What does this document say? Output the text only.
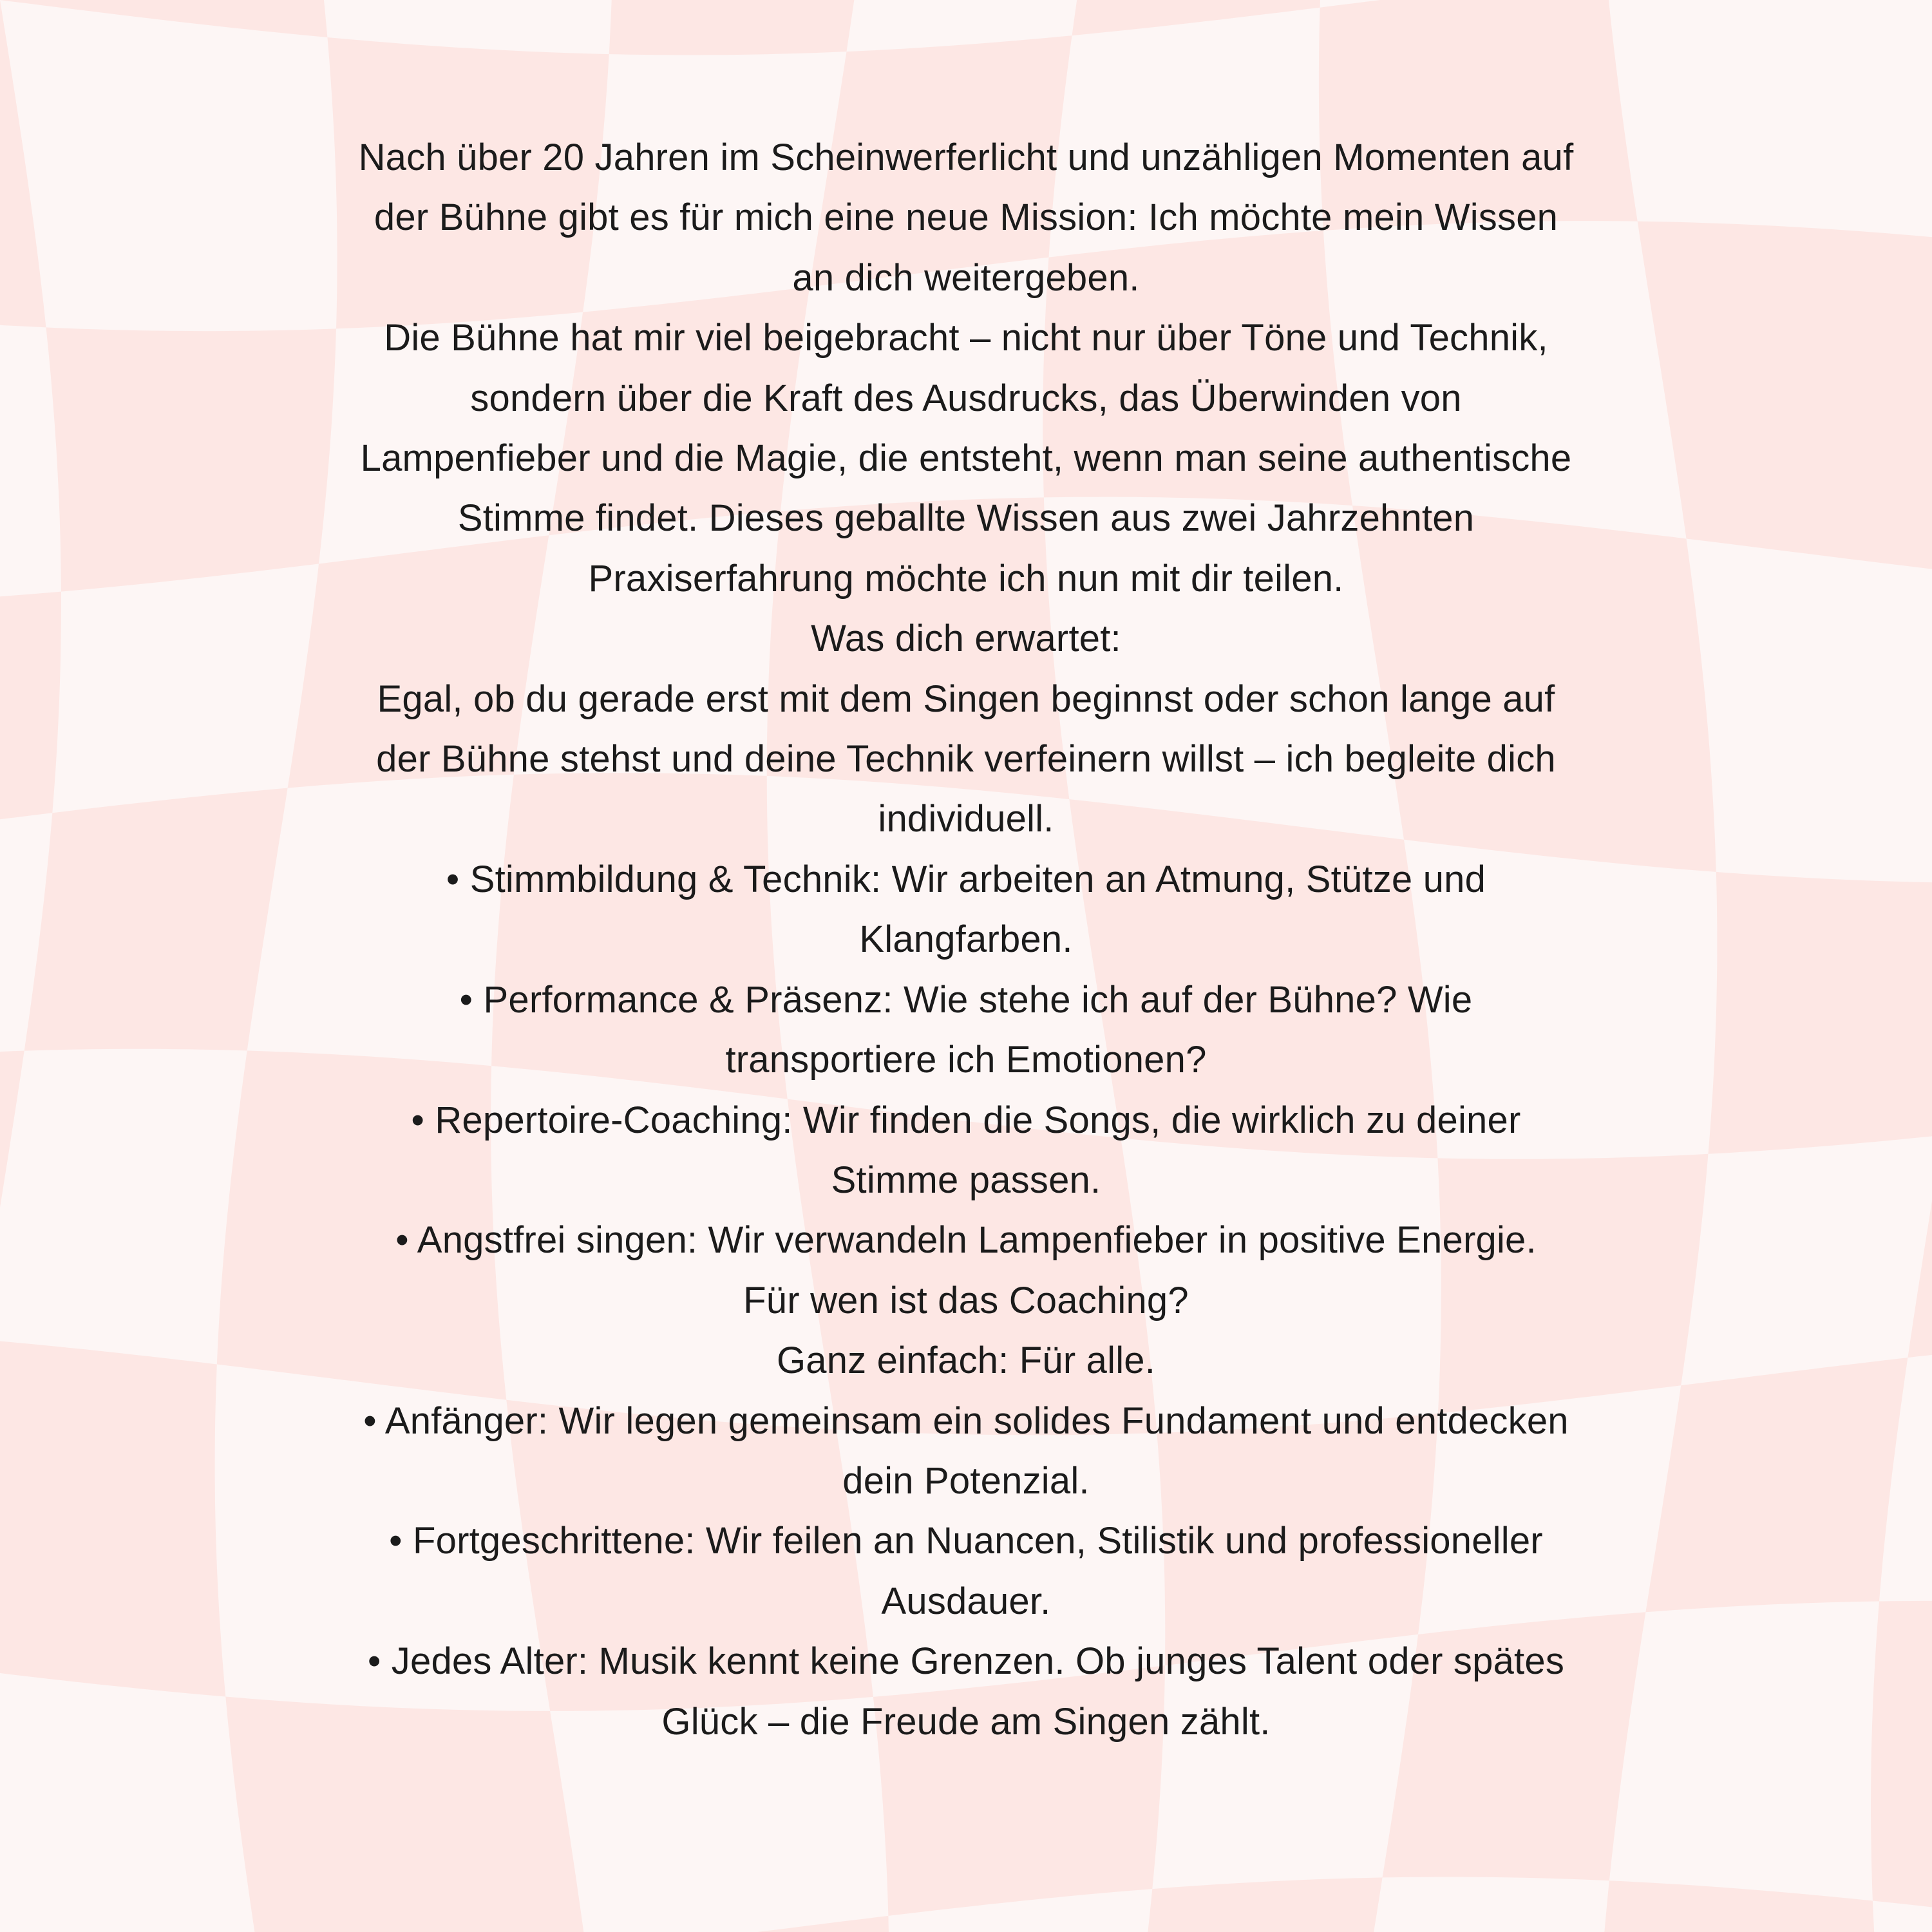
Nach über 20 Jahren im Scheinwerferlicht und unzähligen Momenten auf

der Bühne gibt es für mich eine neue Mission: Ich möchte mein Wissen

an dich weitergeben.

Die Bühne hat mir viel beigebracht – nicht nur über Töne und Technik,

sondern über die Kraft des Ausdrucks, das Überwinden von

Lampenfieber und die Magie, die entsteht, wenn man seine authentische

Stimme findet. Dieses geballte Wissen aus zwei Jahrzehnten

Praxiserfahrung möchte ich nun mit dir teilen.

Was dich erwartet:

Egal, ob du gerade erst mit dem Singen beginnst oder schon lange auf

der Bühne stehst und deine Technik verfeinern willst – ich begleite dich

individuell.

• Stimmbildung & Technik: Wir arbeiten an Atmung, Stütze und

Klangfarben.

• Performance & Präsenz: Wie stehe ich auf der Bühne? Wie

transportiere ich Emotionen?

• Repertoire-Coaching: Wir finden die Songs, die wirklich zu deiner

Stimme passen.

• Angstfrei singen: Wir verwandeln Lampenfieber in positive Energie.

Für wen ist das Coaching?

Ganz einfach: Für alle.

• Anfänger: Wir legen gemeinsam ein solides Fundament und entdecken

dein Potenzial.

• Fortgeschrittene: Wir feilen an Nuancen, Stilistik und professioneller

Ausdauer.

• Jedes Alter: Musik kennt keine Grenzen. Ob junges Talent oder spätes

Glück – die Freude am Singen zählt.
